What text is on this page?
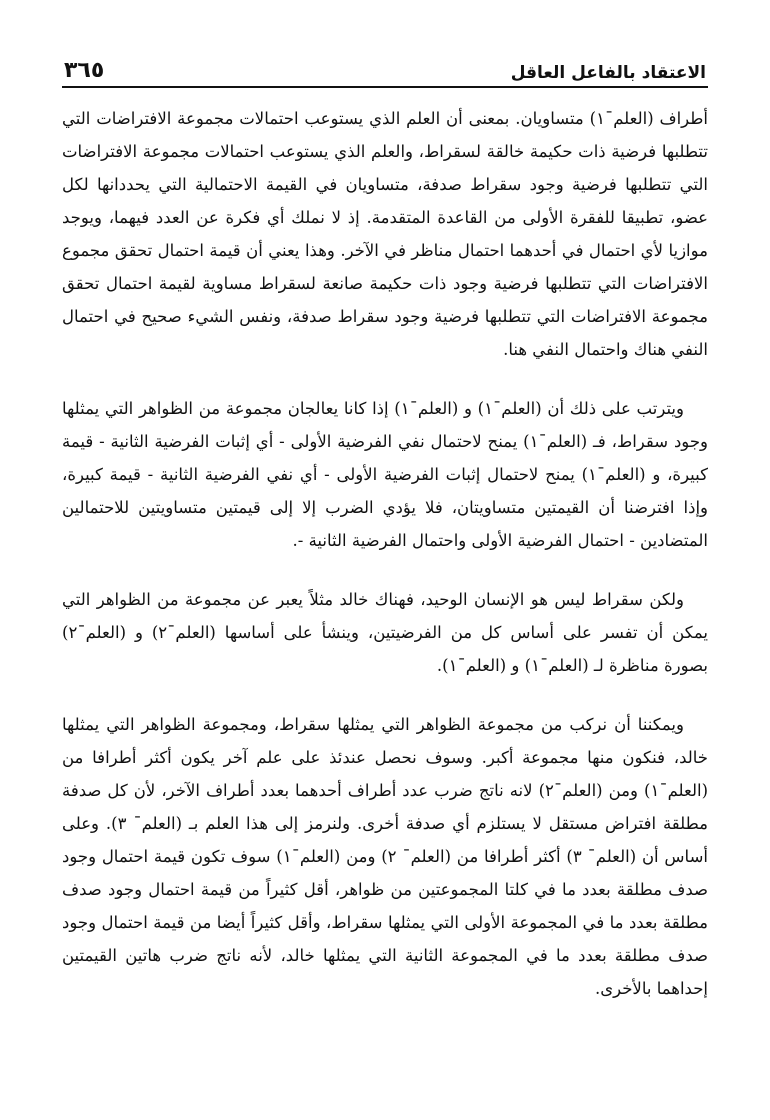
الاعتقاد بالفاعل العاقل
٣٦٥

أطراف (العلم¯١) متساويان. بمعنى أن العلم الذي يستوعب احتمالات مجموعة الافتراضات التي تتطلبها فرضية ذات حكيمة خالقة لسقراط، والعلم الذي يستوعب احتمالات مجموعة الافتراضات التي تتطلبها فرضية وجود سقراط صدفة، متساويان في القيمة الاحتمالية التي يحددانها لكل عضو، تطبيقا للفقرة الأولى من القاعدة المتقدمة. إذ لا نملك أي فكرة عن العدد فيهما، ويوجد موازيا لأي احتمال في أحدهما احتمال مناظر في الآخر. وهذا يعني أن قيمة احتمال تحقق مجموع الافتراضات التي تتطلبها فرضية وجود ذات حكيمة صانعة لسقراط مساوية لقيمة احتمال تحقق مجموعة الافتراضات التي تتطلبها فرضية وجود سقراط صدفة، ونفس الشيء صحيح في احتمال النفي هناك واحتمال النفي هنا.

ويترتب على ذلك أن (العلم¯١) و (العلم¯١) إذا كانا يعالجان مجموعة من الظواهر التي يمثلها وجود سقراط، فـ (العلم¯١) يمنح لاحتمال نفي الفرضية الأولى - أي إثبات الفرضية الثانية - قيمة كبيرة، و (العلم¯١) يمنح لاحتمال إثبات الفرضية الأولى - أي نفي الفرضية الثانية - قيمة كبيرة، وإذا افترضنا أن القيمتين متساويتان، فلا يؤدي الضرب إلا إلى قيمتين متساويتين للاحتمالين المتضادين - احتمال الفرضية الأولى واحتمال الفرضية الثانية -.

ولكن سقراط ليس هو الإنسان الوحيد، فهناك خالد مثلاً يعبر عن مجموعة من الظواهر التي يمكن أن تفسر على أساس كل من الفرضيتين، وينشأ على أساسها (العلم¯٢) و (العلم¯٢) بصورة مناظرة لـ (العلم¯١) و (العلم¯١).

ويمكننا أن نركب من مجموعة الظواهر التي يمثلها سقراط، ومجموعة الظواهر التي يمثلها خالد، فنكون منها مجموعة أكبر. وسوف نحصل عندئذ على علم آخر يكون أكثر أطرافا من (العلم¯١) ومن (العلم¯٢) لانه ناتج ضرب عدد أطراف أحدهما بعدد أطراف الآخر، لأن كل صدفة مطلقة افتراض مستقل لا يستلزم أي صدفة أخرى. ولنرمز إلى هذا العلم بـ (العلم¯ ٣). وعلى أساس أن (العلم¯ ٣) أكثر أطرافا من (العلم¯ ٢) ومن (العلم¯١) سوف تكون قيمة احتمال وجود صدف مطلقة بعدد ما في كلتا المجموعتين من ظواهر، أقل كثيراً من قيمة احتمال وجود صدف مطلقة بعدد ما في المجموعة الأولى التي يمثلها سقراط، وأقل كثيراً أيضا من قيمة احتمال وجود صدف مطلقة بعدد ما في المجموعة الثانية التي يمثلها خالد، لأنه ناتج ضرب هاتين القيمتين إحداهما بالأخرى.
